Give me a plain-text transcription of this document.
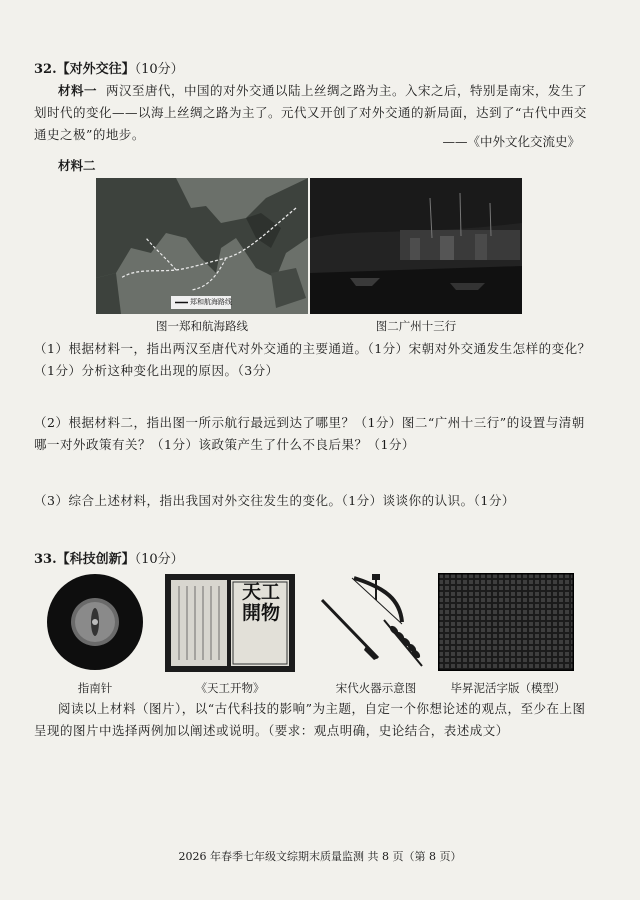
32.【对外交往】（10分）
材料一 两汉至唐代，中国的对外交通以陆上丝绸之路为主。入宋之后，特别是南宋，发生了划时代的变化——以海上丝绸之路为主了。元代又开创了对外交通的新局面，达到了“古代中西交通史之极”的地步。	——《中外文化交流史》
材料二
郑和航海路线
图一郑和航海路线	图二广州十三行
（1）根据材料一，指出两汉至唐代对外交通的主要通道。（1分）宋朝对外交通发生怎样的变化？（1分）分析这种变化出现的原因。（3分）
（2）根据材料二，指出图一所示航行最远到达了哪里？（1分）图二“广州十三行”的设置与清朝哪一对外政策有关？（1分）该政策产生了什么不良后果？（1分）
（3）综合上述材料，指出我国对外交往发生的变化。（1分）谈谈你的认识。（1分）
33.【科技创新】（10分）
天工開物
指南针	《天工开物》	宋代火器示意图	毕昇泥活字版（模型）
阅读以上材料（图片），以“古代科技的影响”为主题，自定一个你想论述的观点，至少在上图呈现的图片中选择两例加以阐述或说明。（要求：观点明确，史论结合，表述成文）
2026 年春季七年级文综期末质量监测 共 8 页（第 8 页）
